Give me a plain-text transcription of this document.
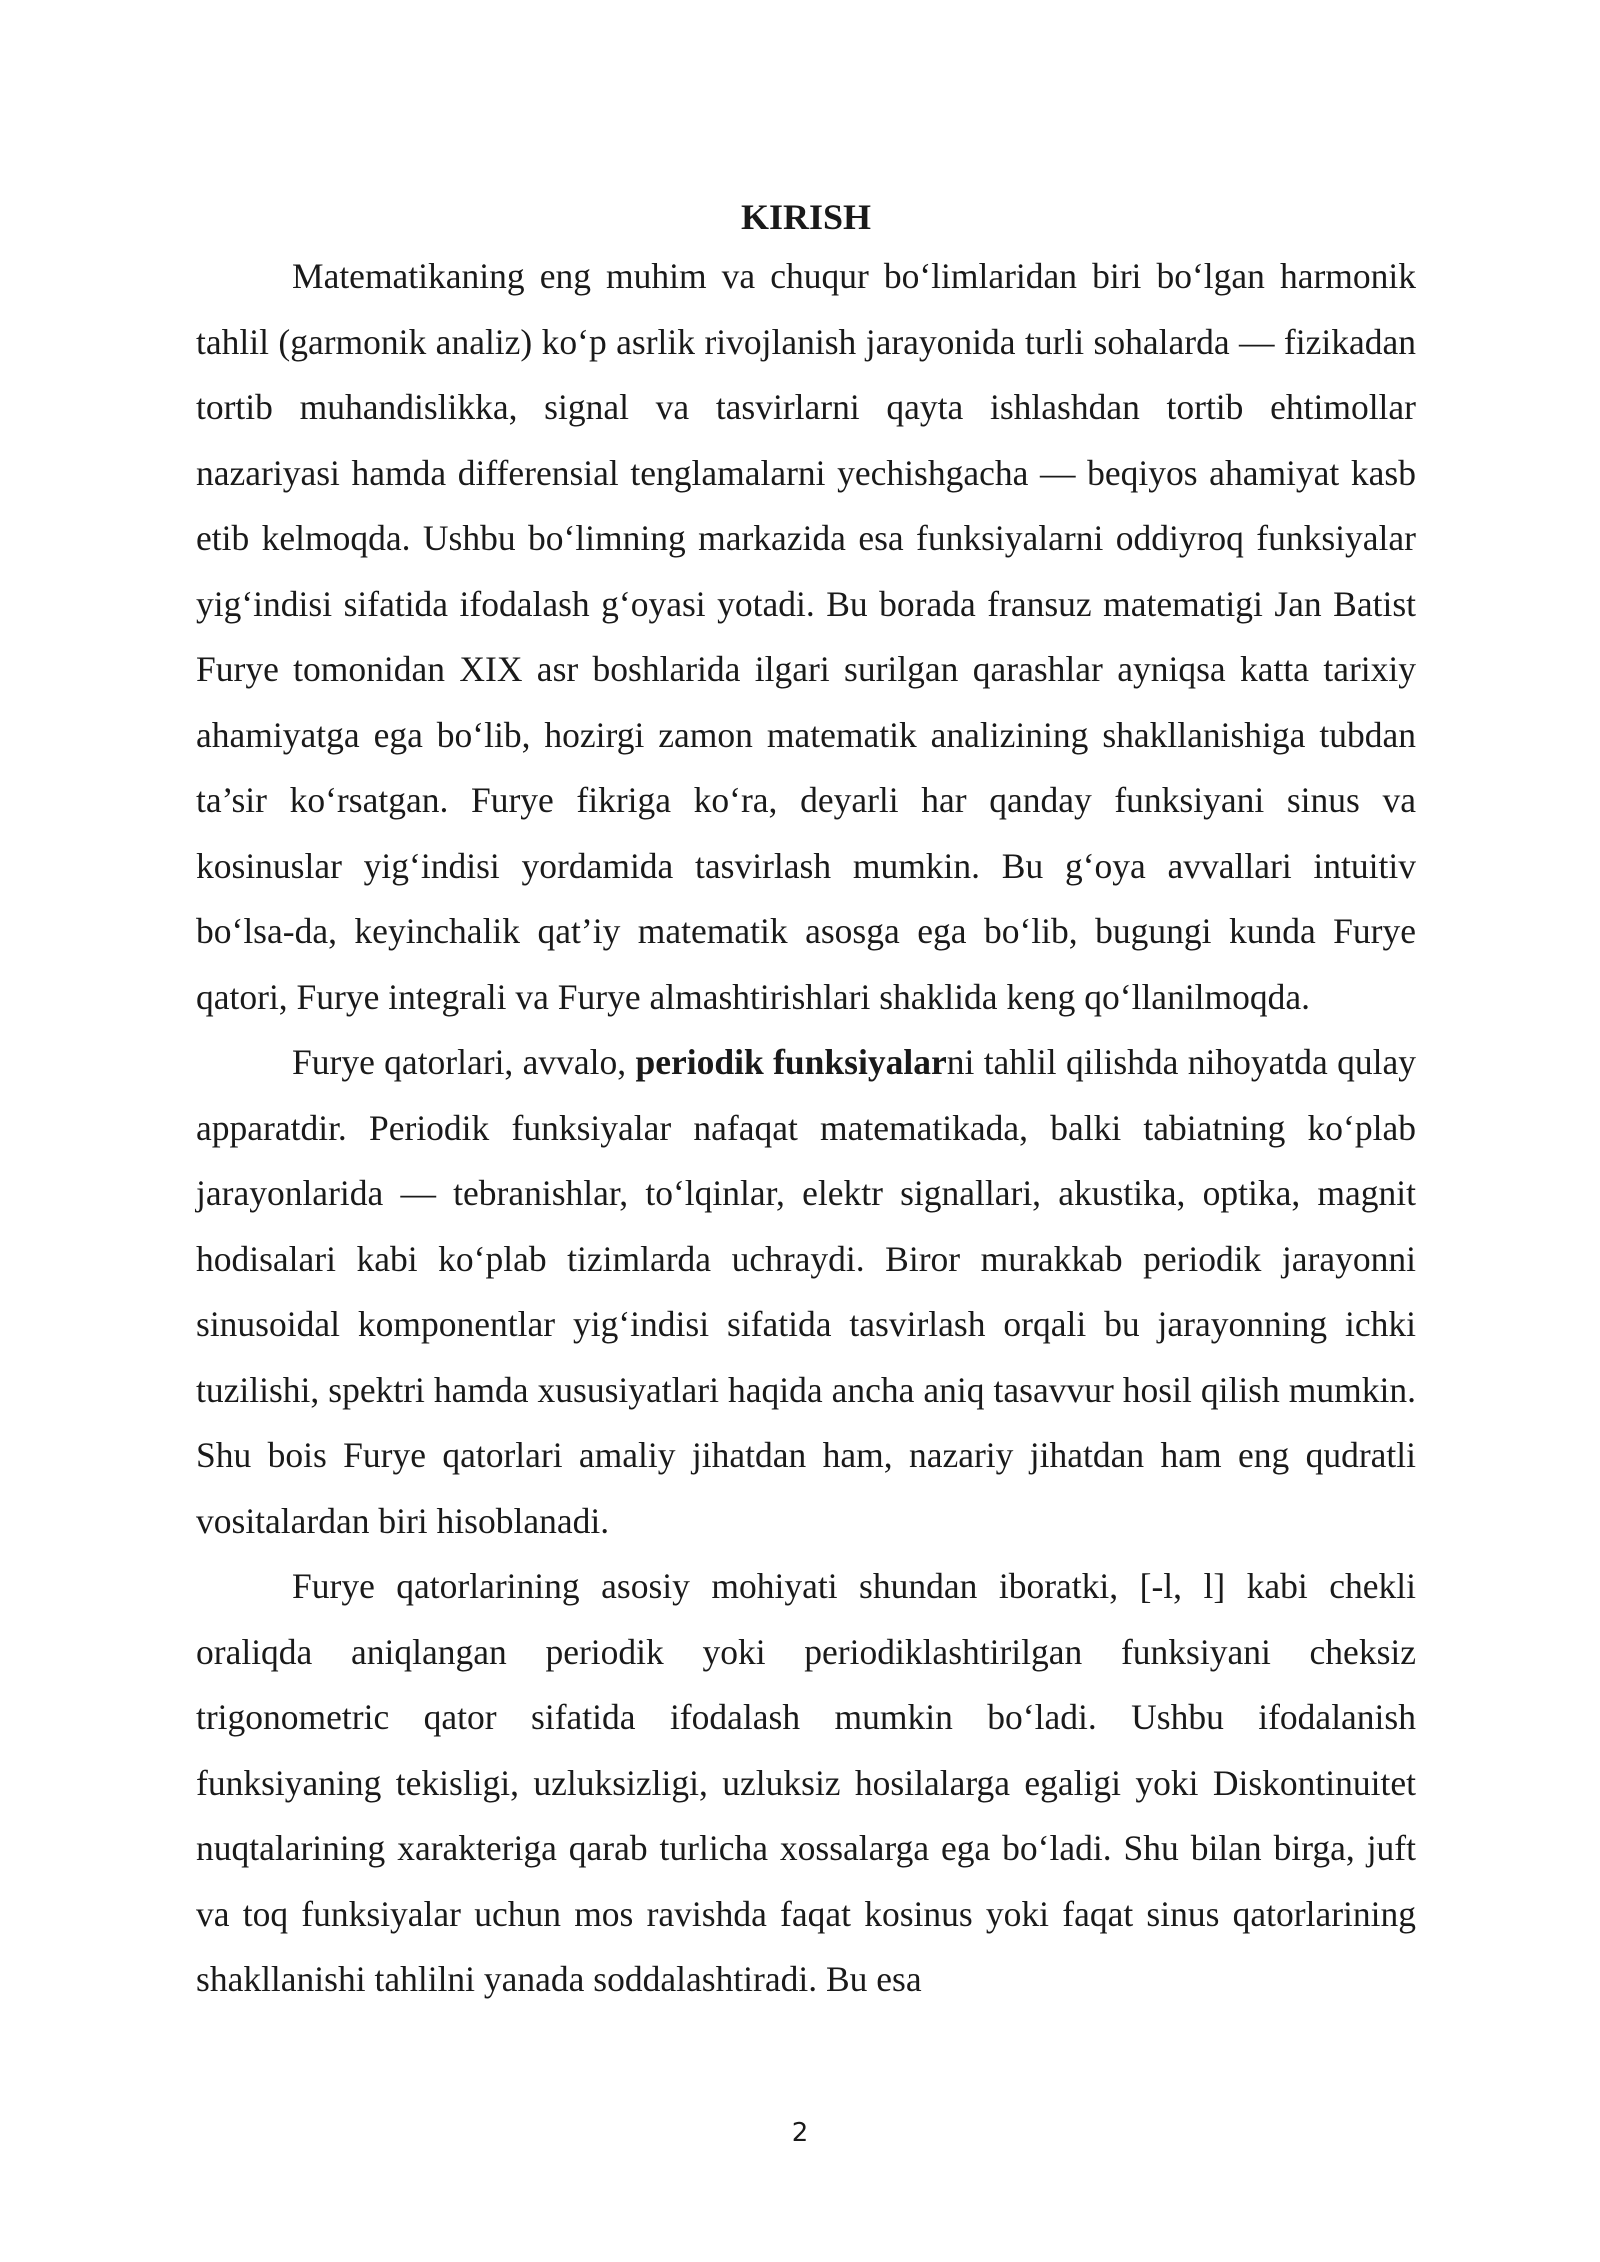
KIRISH

Matematikaning eng muhim va chuqur bo‘limlaridan biri bo‘lgan harmonik tahlil (garmonik analiz) ko‘p asrlik rivojlanish jarayonida turli sohalarda — fizikadan tortib muhandislikka, signal va tasvirlarni qayta ishlashdan tortib ehtimollar nazariyasi hamda differensial tenglamalarni yechishgacha — beqiyos ahamiyat kasb etib kelmoqda. Ushbu bo‘limning markazida esa funksiyalarni oddiyroq funksiyalar yig‘indisi sifatida ifodalash g‘oyasi yotadi. Bu borada fransuz matematigi Jan Batist Furye tomonidan XIX asr boshlarida ilgari surilgan qarashlar ayniqsa katta tarixiy ahamiyatga ega bo‘lib, hozirgi zamon matematik analizining shakllanishiga tubdan ta’sir ko‘rsatgan. Furye fikriga ko‘ra, deyarli har qanday funksiyani sinus va kosinuslar yig‘indisi yordamida tasvirlash mumkin. Bu g‘oya avvallari intuitiv bo‘lsa-da, keyinchalik qat’iy matematik asosga ega bo‘lib, bugungi kunda Furye qatori, Furye integrali va Furye almashtirishlari shaklida keng qo‘llanilmoqda.

Furye qatorlari, avvalo, periodik funksiyalarni tahlil qilishda nihoyatda qulay apparatdir. Periodik funksiyalar nafaqat matematikada, balki tabiatning ko‘plab jarayonlarida — tebranishlar, to‘lqinlar, elektr signallari, akustika, optika, magnit hodisalari kabi ko‘plab tizimlarda uchraydi. Biror murakkab periodik jarayonni sinusoidal komponentlar yig‘indisi sifatida tasvirlash orqali bu jarayonning ichki tuzilishi, spektri hamda xususiyatlari haqida ancha aniq tasavvur hosil qilish mumkin. Shu bois Furye qatorlari amaliy jihatdan ham, nazariy jihatdan ham eng qudratli vositalardan biri hisoblanadi.

Furye qatorlarining asosiy mohiyati shundan iboratki, [-l, l] kabi chekli oraliqda aniqlangan periodik yoki periodiklashtirilgan funksiyani cheksiz trigonometric qator sifatida ifodalash mumkin bo‘ladi. Ushbu ifodalanish funksiyaning tekisligi, uzluksizligi, uzluksiz hosilalarga egaligi yoki Diskontinuitet nuqtalarining xarakteriga qarab turlicha xossalarga ega bo‘ladi. Shu bilan birga, juft va toq funksiyalar uchun mos ravishda faqat kosinus yoki faqat sinus qatorlarining shakllanishi tahlilni yanada soddalashtiradi. Bu esa

2
